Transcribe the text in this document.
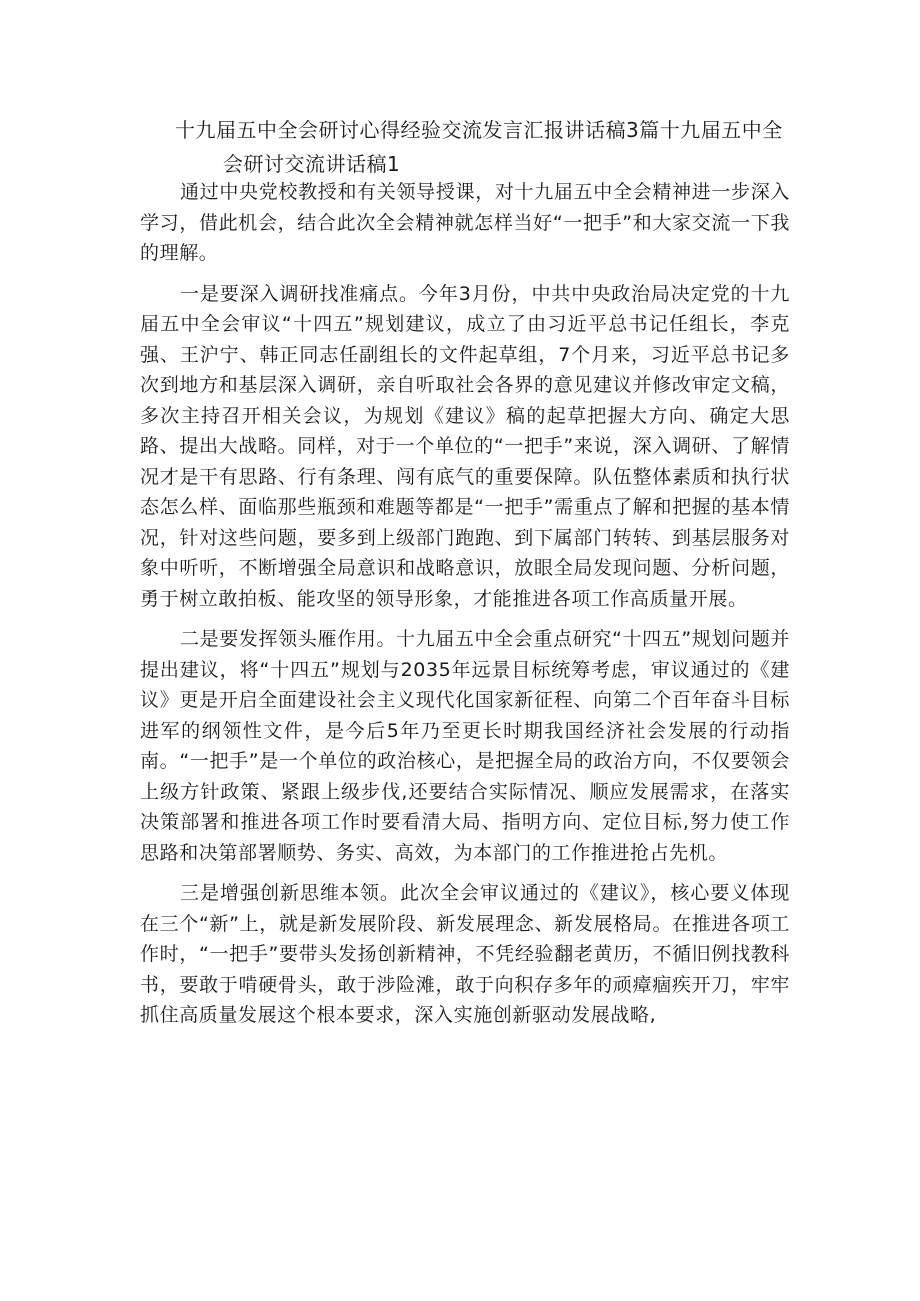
十九届五中全会研讨心得经验交流发言汇报讲话稿3篇十九届五中全
会研讨交流讲话稿1

通过中央党校教授和有关领导授课，对十九届五中全会精神进一步深入学习，借此机会，结合此次全会精神就怎样当好“一把手”和大家交流一下我的理解。

一是要深入调研找准痛点。今年3月份，中共中央政治局决定党的十九届五中全会审议“十四五”规划建议，成立了由习近平总书记任组长，李克强、王沪宁、韩正同志任副组长的文件起草组，7个月来，习近平总书记多次到地方和基层深入调研，亲自听取社会各界的意见建议并修改审定文稿，多次主持召开相关会议，为规划《建议》稿的起草把握大方向、确定大思路、提出大战略。同样，对于一个单位的“一把手”来说，深入调研、了解情况才是干有思路、行有条理、闯有底气的重要保障。队伍整体素质和执行状态怎么样、面临那些瓶颈和难题等都是“一把手”需重点了解和把握的基本情况，针对这些问题，要多到上级部门跑跑、到下属部门转转、到基层服务对象中听听，不断增强全局意识和战略意识，放眼全局发现问题、分析问题，勇于树立敢拍板、能攻坚的领导形象，才能推进各项工作高质量开展。

二是要发挥领头雁作用。十九届五中全会重点研究“十四五”规划问题并提出建议，将“十四五”规划与2035年远景目标统筹考虑，审议通过的《建议》更是开启全面建设社会主义现代化国家新征程、向第二个百年奋斗目标进军的纲领性文件，是今后5年乃至更长时期我国经济社会发展的行动指南。“一把手”是一个单位的政治核心，是把握全局的政治方向，不仅要领会上级方针政策、紧跟上级步伐,还要结合实际情况、顺应发展需求，在落实决策部署和推进各项工作时要看清大局、指明方向、定位目标,努力使工作思路和决第部署顺势、务实、高效，为本部门的工作推进抢占先机。

三是增强创新思维本领。此次全会审议通过的《建议》，核心要义体现在三个“新”上，就是新发展阶段、新发展理念、新发展格局。在推进各项工作时，“一把手”要带头发扬创新精神，不凭经验翻老黄历，不循旧例找教科书，要敢于啃硬骨头，敢于涉险滩，敢于向积存多年的顽瘴痼疾开刀，牢牢抓住高质量发展这个根本要求，深入实施创新驱动发展战略,
